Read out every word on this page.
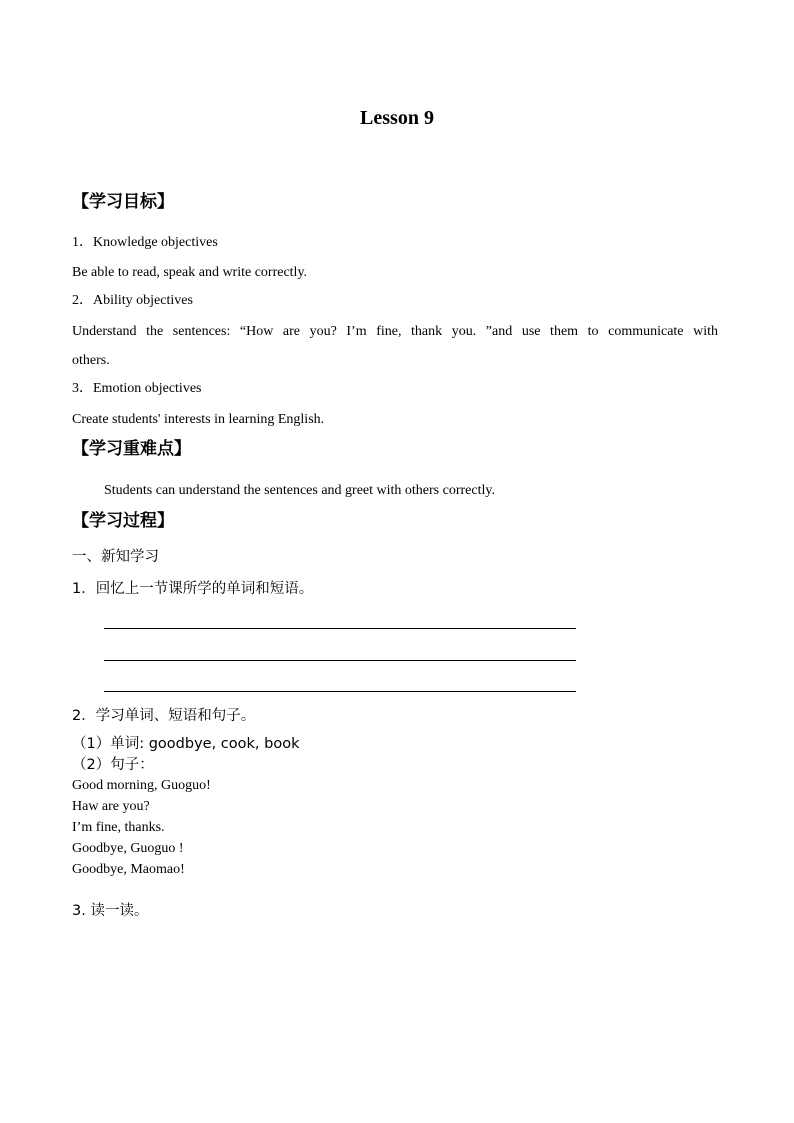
Lesson 9
【学习目标】
1．Knowledge objectives
Be able to read, speak and write correctly.
2．Ability objectives
Understand the sentences: “How are you? I’m fine, thank you. ”and use them to communicate with
others.
3．Emotion objectives
Create students' interests in learning English.
【学习重难点】
Students can understand the sentences and greet with others correctly.
【学习过程】
一、新知学习
1．回忆上一节课所学的单词和短语。
2．学习单词、短语和句子。
（1）单词: goodbye, cook, book
（2）句子：
Good morning, Guoguo!
Haw are you?
I’m fine, thanks.
Goodbye, Guoguo !
Goodbye, Maomao!
3. 读一读。
